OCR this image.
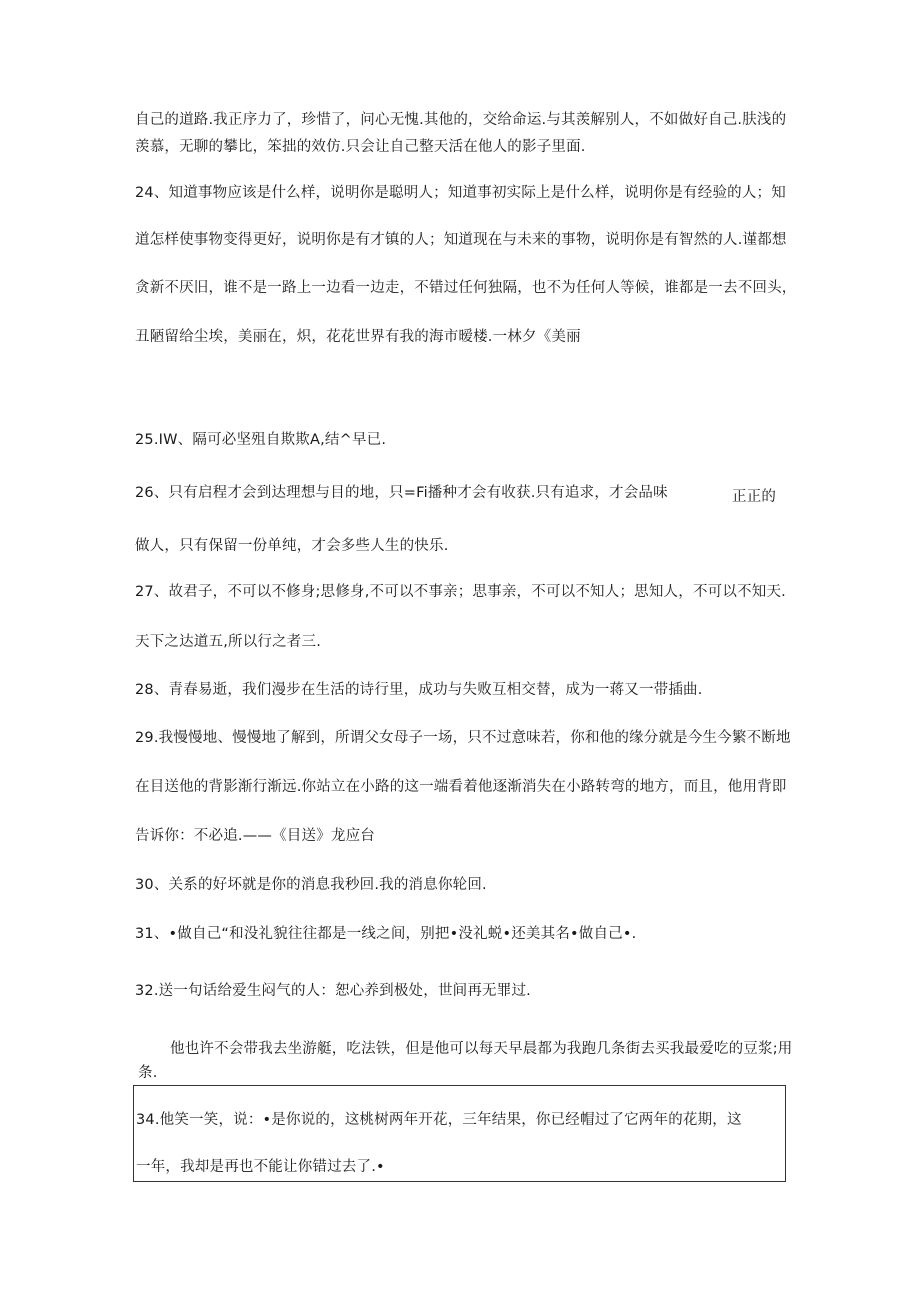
自己的道路.我正序力了，珍惜了，问心无愧.其他的，交给命运.与其羡解别人，不如做好自己.肤浅的
羡慕，无聊的攀比，笨拙的效仿.只会让自己整天活在他人的影子里面.
24、知道事物应该是什么样，说明你是聪明人；知道事初实际上是什么样，说明你是有经验的人；知
道怎样使事物变得更好，说明你是有才镇的人；知道现在与未来的事物，说明你是有智然的人.谨都想
贪新不厌旧，谁不是一路上一边看一边走，不错过任何独隔，也不为任何人等候，谁都是一去不回头，
丑陋留给尘埃，美丽在，炽，花花世界有我的海市暧楼.一林夕《美丽
25.IW、隔可必坚殂自欺欺A,结^早已.
26、只有启程才会到达理想与目的地，只=Fi播种才会有收获.只有追求，才会品味	正正的
做人，只有保留一份单纯，才会多些人生的快乐.
27、故君子，不可以不修身;思修身,不可以不事亲；思事亲，不可以不知人；思知人，不可以不知天.
天下之达道五,所以行之者三.
28、青春易逝，我们漫步在生活的诗行里，成功与失败互相交替，成为一蒋又一带插曲.
29.我慢慢地、慢慢地了解到，所谓父女母子一场，只不过意味若，你和他的缘分就是今生今繁不断地
在目送他的背影渐行渐远.你站立在小路的这一端看着他逐渐消失在小路转弯的地方，而且，他用背即
告诉你：不必追.——《目送》龙应台
30、关系的好坏就是你的消息我秒回.我的消息你轮回.
31、•做自己“和没礼貌往往都是一线之间，别把•没礼蜕•还美其名•做自己•.
32.送一句话给爱生闷气的人：恕心养到极处，世间再无罪过.
他也许不会带我去坐游艇，吃法铁，但是他可以每天早晨都为我跑几条街去买我最爱吃的豆浆;用
条.
34.他笑一笑，说：•是你说的，这桃树两年开花，三年结果，你已经帽过了它两年的花期，这
一年，我却是再也不能让你错过去了.•
